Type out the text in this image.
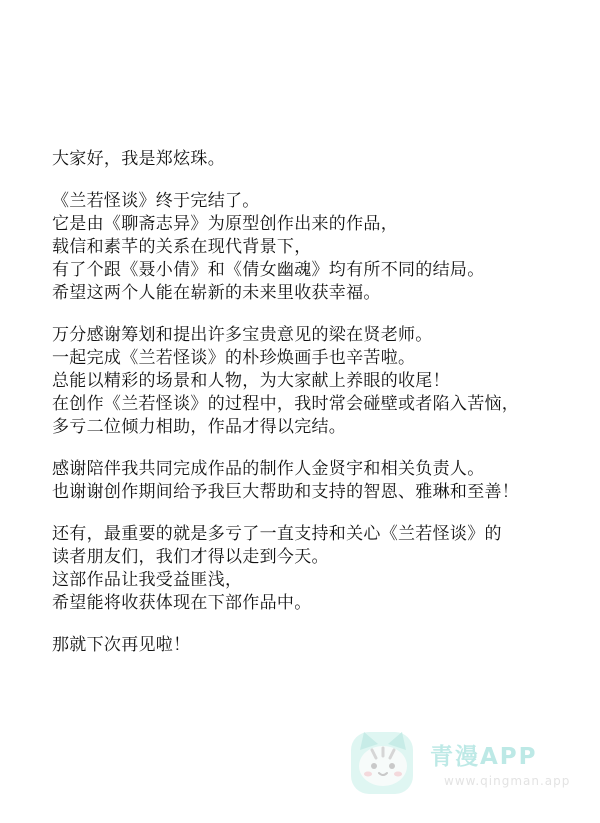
大家好，我是郑炫珠。
《兰若怪谈》终于完结了。
它是由《聊斋志异》为原型创作出来的作品，
载信和素芊的关系在现代背景下，
有了个跟《聂小倩》和《倩女幽魂》均有所不同的结局。
希望这两个人能在崭新的未来里收获幸福。
万分感谢筹划和提出许多宝贵意见的梁在贤老师。
一起完成《兰若怪谈》的朴珍焕画手也辛苦啦。
总能以精彩的场景和人物，为大家献上养眼的收尾！
在创作《兰若怪谈》的过程中，我时常会碰壁或者陷入苦恼，
多亏二位倾力相助，作品才得以完结。
感谢陪伴我共同完成作品的制作人金贤宇和相关负责人。
也谢谢创作期间给予我巨大帮助和支持的智恩、雅琳和至善！
还有，最重要的就是多亏了一直支持和关心《兰若怪谈》的
读者朋友们，我们才得以走到今天。
这部作品让我受益匪浅，
希望能将收获体现在下部作品中。
那就下次再见啦！
青漫APP
www.qingman.app
